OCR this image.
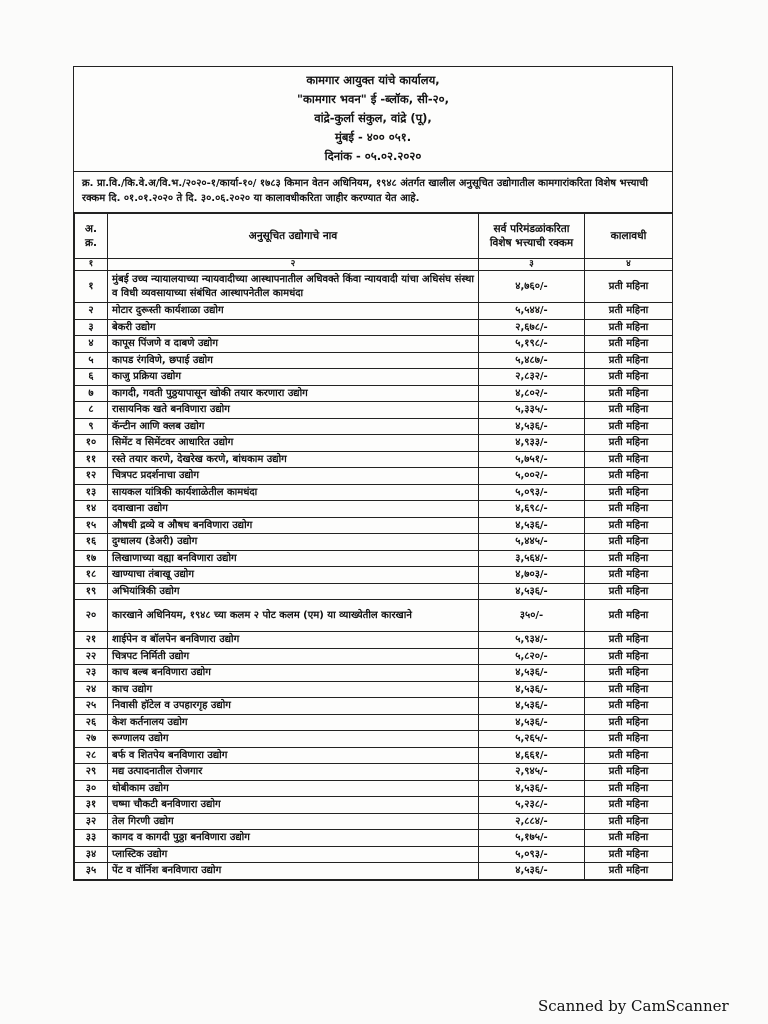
कामगार आयुक्त यांचे कार्यालय,
"कामगार भवन" ई -ब्लॉक, सी-२०,
वांद्रे-कुर्ला संकुल, वांद्रे (पू),
मुंबई - ४०० ०५१.
दिनांक - ०५.०२.२०२०
क्र. प्रा.वि./कि.वे.अ/वि.भ./२०२०-१/कार्या-१०/ १७८३ किमान वेतन अधिनियम, १९४८ अंतर्गत खालील अनुसूचित उद्योगातील कामगारांकरिता विशेष भत्त्याची रक्कम दि. ०१.०१.२०२० ते दि. ३०.०६.२०२० या कालावधीकरिता जाहीर करण्यात येत आहे.
अ. क्र.	अनुसूचित उद्योगाचे नाव	सर्व परिमंडळांकरिता विशेष भत्त्याची रक्कम	कालावधी
१	२	३	४
१	मुंबई उच्च न्यायालयाच्या न्यायवादीच्या आस्थापनातील अधिवक्ते किंवा न्यायवादी यांचा अधिसंघ संस्था व विधी व्यवसायाच्या संबंधित आस्थापनेतील कामधंदा	४,७६०/-	प्रती महिना
२	मोटार दुरूस्ती कार्यशाळा उद्योग	५,५४४/-	प्रती महिना
३	बेकरी उद्योग	२,६७८/-	प्रती महिना
४	कापूस पिंजणे व दाबणे उद्योग	५,१९८/-	प्रती महिना
५	कापड रंगविणे, छपाई उद्योग	५,४८७/-	प्रती महिना
६	काजु प्रक्रिया उद्योग	२,८३२/-	प्रती महिना
७	कागदी, गवती पुठ्ठयापासून खोकी तयार करणारा उद्योग	४,८०२/-	प्रती महिना
८	रासायनिक खते बनविणारा उद्योग	५,३३५/-	प्रती महिना
९	कॅन्टीन आणि क्लब उद्योग	४,५३६/-	प्रती महिना
१०	सिमेंट व सिमेंटवर आधारित उद्योग	४,९३३/-	प्रती महिना
११	रस्ते तयार करणे, देखरेख करणे, बांधकाम उद्योग	५,७५१/-	प्रती महिना
१२	चित्रपट प्रदर्शनाचा उद्योग	५,००२/-	प्रती महिना
१३	सायकल यांत्रिकी कार्यशाळेतील कामधंदा	५,०९३/-	प्रती महिना
१४	दवाखाना उद्योग	४,६९८/-	प्रती महिना
१५	औषधी द्रव्ये व औषध बनविणारा उद्योग	४,५३६/-	प्रती महिना
१६	दुग्धालय (डेअरी) उद्योग	५,४४५/-	प्रती महिना
१७	लिखाणाच्या वह्या बनविणारा उद्योग	३,५६४/-	प्रती महिना
१८	खाण्याचा तंबाखू उद्योग	४,७०३/-	प्रती महिना
१९	अभियांत्रिकी उद्योग	४,५३६/-	प्रती महिना
२०	कारखाने अधिनियम, १९४८ च्या कलम २ पोट कलम (एम) या व्याख्येतील कारखाने	३५०/-	प्रती महिना
२१	शाईपेन व बॉलपेन बनविणारा उद्योग	५,९३४/-	प्रती महिना
२२	चित्रपट निर्मिती उद्योग	५,८२०/-	प्रती महिना
२३	काच बल्ब बनविणारा उद्योग	४,५३६/-	प्रती महिना
२४	काच उद्योग	४,५३६/-	प्रती महिना
२५	निवासी हॉटेल व उपहारगृह उद्योग	४,५३६/-	प्रती महिना
२६	केश कर्तनालय उद्योग	४,५३६/-	प्रती महिना
२७	रूग्णालय उद्योग	५,२६५/-	प्रती महिना
२८	बर्फ व शितपेय बनविणारा उद्योग	४,६६१/-	प्रती महिना
२९	मद्य उत्पादनातील रोजगार	२,९४५/-	प्रती महिना
३०	धोबीकाम उद्योग	४,५३६/-	प्रती महिना
३१	चष्मा चौकटी बनविणारा उद्योग	५,२३८/-	प्रती महिना
३२	तेल गिरणी उद्योग	२,८८४/-	प्रती महिना
३३	कागद व कागदी पुठ्ठा बनविणारा उद्योग	५,१७५/-	प्रती महिना
३४	प्लास्टिक उद्योग	५,०९३/-	प्रती महिना
३५	पेंट व वॉर्निश बनविणारा उद्योग	४,५३६/-	प्रती महिना
Scanned by CamScanner
